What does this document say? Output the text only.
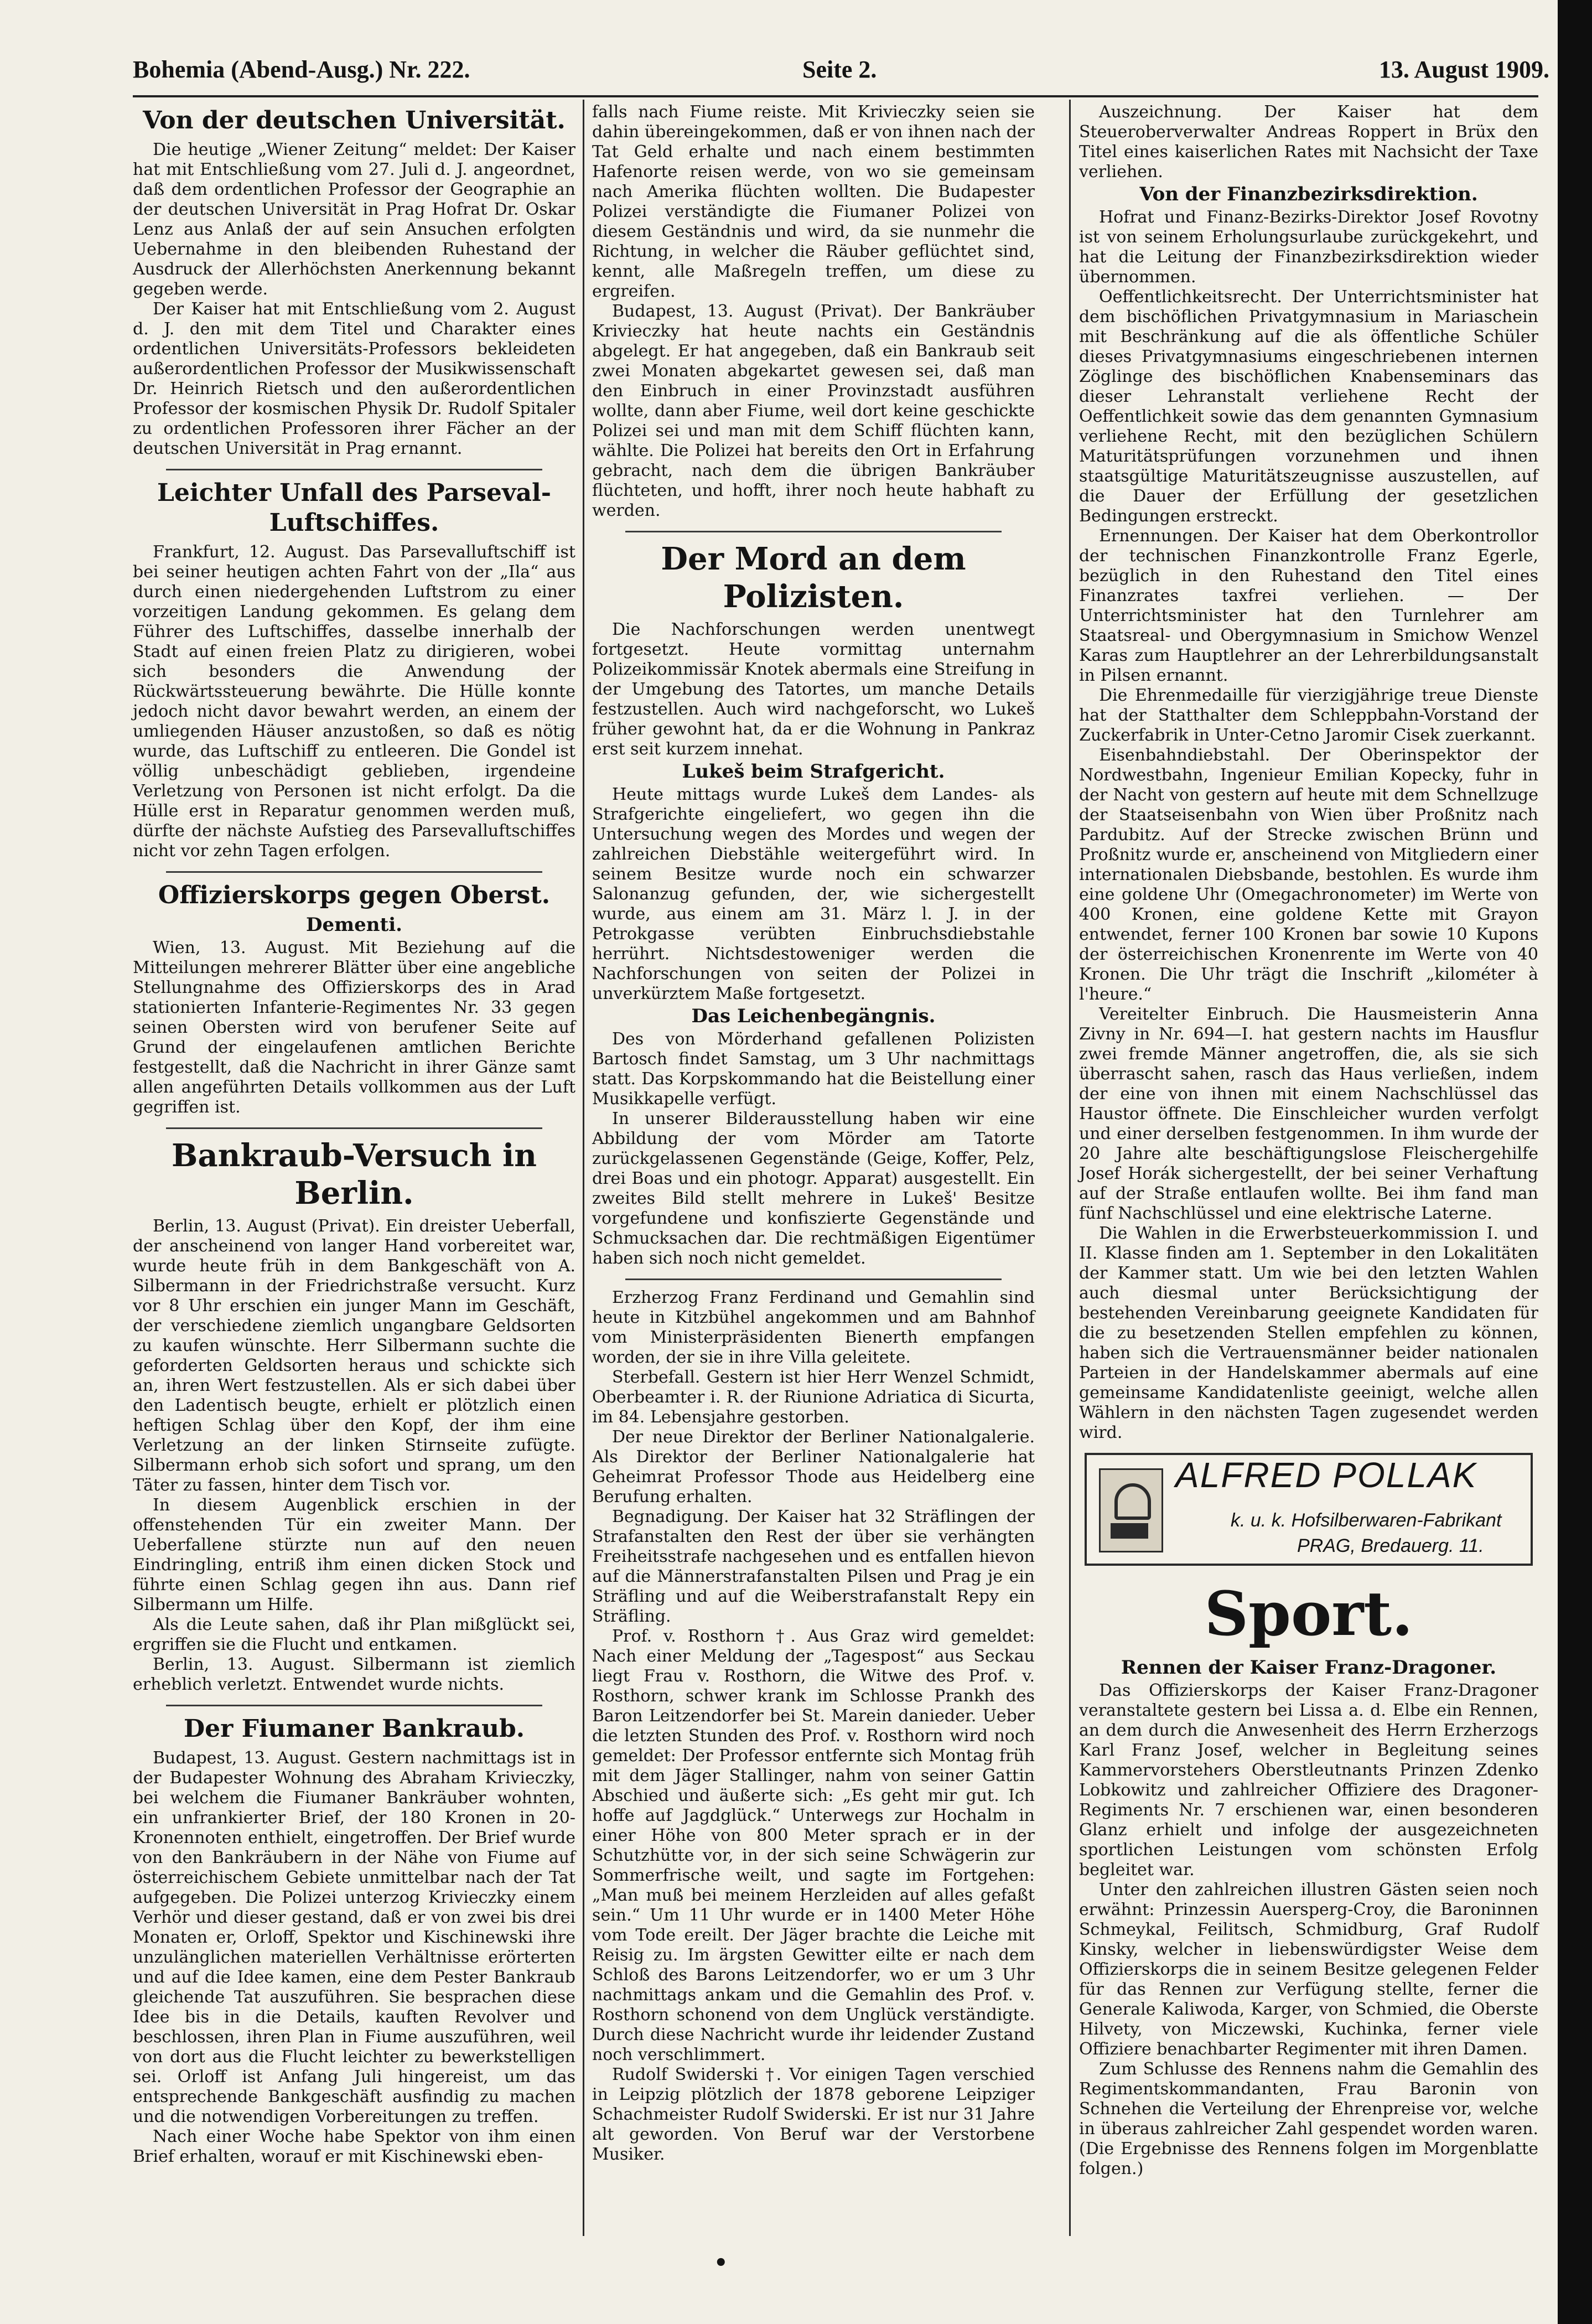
Bohemia (Abend-Ausg.) Nr. 222.	Seite 2.	13. August 1909.
Von der deutschen Universität.

Die heutige „Wiener Zeitung“ meldet: Der Kaiser hat mit Entschließung vom 27. Juli d. J. angeordnet, daß dem ordentlichen Professor der Geographie an der deutschen Universität in Prag Hofrat Dr. Oskar Lenz aus Anlaß der auf sein Ansuchen erfolgten Uebernahme in den bleibenden Ruhestand der Ausdruck der Allerhöchsten Anerkennung bekannt gegeben werde.

Der Kaiser hat mit Entschließung vom 2. August d. J. den mit dem Titel und Charakter eines ordentlichen Universitäts-Professors bekleideten außerordentlichen Professor der Musikwissenschaft Dr. Heinrich Rietsch und den außerordentlichen Professor der kosmischen Physik Dr. Rudolf Spitaler zu ordentlichen Professoren ihrer Fächer an der deutschen Universität in Prag ernannt.

Leichter Unfall des Parseval-Luftschiffes.

Frankfurt, 12. August. Das Parsevalluftschiff ist bei seiner heutigen achten Fahrt von der „Ila“ aus durch einen niedergehenden Luftstrom zu einer vorzeitigen Landung gekommen. Es gelang dem Führer des Luftschiffes, dasselbe innerhalb der Stadt auf einen freien Platz zu dirigieren, wobei sich besonders die Anwendung der Rückwärtssteuerung bewährte. Die Hülle konnte jedoch nicht davor bewahrt werden, an einem der umliegenden Häuser anzustoßen, so daß es nötig wurde, das Luftschiff zu entleeren. Die Gondel ist völlig unbeschädigt geblieben, irgendeine Verletzung von Personen ist nicht erfolgt. Da die Hülle erst in Reparatur genommen werden muß, dürfte der nächste Aufstieg des Parsevalluftschiffes nicht vor zehn Tagen erfolgen.

Offizierskorps gegen Oberst.
Dementi.

Wien, 13. August. Mit Beziehung auf die Mitteilungen mehrerer Blätter über eine angebliche Stellungnahme des Offizierskorps des in Arad stationierten Infanterie-Regimentes Nr. 33 gegen seinen Obersten wird von berufener Seite auf Grund der eingelaufenen amtlichen Berichte festgestellt, daß die Nachricht in ihrer Gänze samt allen angeführten Details vollkommen aus der Luft gegriffen ist.

Bankraub-Versuch in Berlin.

Berlin, 13. August (Privat). Ein dreister Ueberfall, der anscheinend von langer Hand vorbereitet war, wurde heute früh in dem Bankgeschäft von A. Silbermann in der Friedrichstraße versucht. Kurz vor 8 Uhr erschien ein junger Mann im Geschäft, der verschiedene ziemlich ungangbare Geldsorten zu kaufen wünschte. Herr Silbermann suchte die geforderten Geldsorten heraus und schickte sich an, ihren Wert festzustellen. Als er sich dabei über den Ladentisch beugte, erhielt er plötzlich einen heftigen Schlag über den Kopf, der ihm eine Verletzung an der linken Stirnseite zufügte. Silbermann erhob sich sofort und sprang, um den Täter zu fassen, hinter dem Tisch vor.

In diesem Augenblick erschien in der offenstehenden Tür ein zweiter Mann. Der Ueberfallene stürzte nun auf den neuen Eindringling, entriß ihm einen dicken Stock und führte einen Schlag gegen ihn aus. Dann rief Silbermann um Hilfe.

Als die Leute sahen, daß ihr Plan mißglückt sei, ergriffen sie die Flucht und entkamen.

Berlin, 13. August. Silbermann ist ziemlich erheblich verletzt. Entwendet wurde nichts.

Der Fiumaner Bankraub.

Budapest, 13. August. Gestern nachmittags ist in der Budapester Wohnung des Abraham Krivieczky, bei welchem die Fiumaner Bankräuber wohnten, ein unfrankierter Brief, der 180 Kronen in 20-Kronennoten enthielt, eingetroffen. Der Brief wurde von den Bankräubern in der Nähe von Fiume auf österreichischem Gebiete unmittelbar nach der Tat aufgegeben. Die Polizei unterzog Krivieczky einem Verhör und dieser gestand, daß er von zwei bis drei Monaten er, Orloff, Spektor und Kischinewski ihre unzulänglichen materiellen Verhältnisse erörterten und auf die Idee kamen, eine dem Pester Bankraub gleichende Tat auszuführen. Sie besprachen diese Idee bis in die Details, kauften Revolver und beschlossen, ihren Plan in Fiume auszuführen, weil von dort aus die Flucht leichter zu bewerkstelligen sei. Orloff ist Anfang Juli hingereist, um das entsprechende Bankgeschäft ausfindig zu machen und die notwendigen Vorbereitungen zu treffen.

Nach einer Woche habe Spektor von ihm einen Brief erhalten, worauf er mit Kischinewski eben-

falls nach Fiume reiste. Mit Krivieczky seien sie dahin übereingekommen, daß er von ihnen nach der Tat Geld erhalte und nach einem bestimmten Hafenorte reisen werde, von wo sie gemeinsam nach Amerika flüchten wollten. Die Budapester Polizei verständigte die Fiumaner Polizei von diesem Geständnis und wird, da sie nunmehr die Richtung, in welcher die Räuber geflüchtet sind, kennt, alle Maßregeln treffen, um diese zu ergreifen.

Budapest, 13. August (Privat). Der Bankräuber Krivieczky hat heute nachts ein Geständnis abgelegt. Er hat angegeben, daß ein Bankraub seit zwei Monaten abgekartet gewesen sei, daß man den Einbruch in einer Provinzstadt ausführen wollte, dann aber Fiume, weil dort keine geschickte Polizei sei und man mit dem Schiff flüchten kann, wählte. Die Polizei hat bereits den Ort in Erfahrung gebracht, nach dem die übrigen Bankräuber flüchteten, und hofft, ihrer noch heute habhaft zu werden.

Der Mord an dem Polizisten.

Die Nachforschungen werden unentwegt fortgesetzt. Heute vormittag unternahm Polizeikommissär Knotek abermals eine Streifung in der Umgebung des Tatortes, um manche Details festzustellen. Auch wird nachgeforscht, wo Lukeš früher gewohnt hat, da er die Wohnung in Pankraz erst seit kurzem innehat.

Lukeš beim Strafgericht.

Heute mittags wurde Lukeš dem Landes- als Strafgerichte eingeliefert, wo gegen ihn die Untersuchung wegen des Mordes und wegen der zahlreichen Diebstähle weitergeführt wird. In seinem Besitze wurde noch ein schwarzer Salonanzug gefunden, der, wie sichergestellt wurde, aus einem am 31. März l. J. in der Petrokgasse verübten Einbruchsdiebstahle herrührt. Nichtsdestoweniger werden die Nachforschungen von seiten der Polizei in unverkürztem Maße fortgesetzt.

Das Leichenbegängnis.

Des von Mörderhand gefallenen Polizisten Bartosch findet Samstag, um 3 Uhr nachmittags statt. Das Korpskommando hat die Beistellung einer Musikkapelle verfügt.

In unserer Bilderausstellung haben wir eine Abbildung der vom Mörder am Tatorte zurückgelassenen Gegenstände (Geige, Koffer, Pelz, drei Boas und ein photogr. Apparat) ausgestellt. Ein zweites Bild stellt mehrere in Lukeš' Besitze vorgefundene und konfiszierte Gegenstände und Schmucksachen dar. Die rechtmäßigen Eigentümer haben sich noch nicht gemeldet.

Erzherzog Franz Ferdinand und Gemahlin sind heute in Kitzbühel angekommen und am Bahnhof vom Ministerpräsidenten Bienerth empfangen worden, der sie in ihre Villa geleitete.

Sterbefall. Gestern ist hier Herr Wenzel Schmidt, Oberbeamter i. R. der Riunione Adriatica di Sicurta, im 84. Lebensjahre gestorben.

Der neue Direktor der Berliner Nationalgalerie. Als Direktor der Berliner Nationalgalerie hat Geheimrat Professor Thode aus Heidelberg eine Berufung erhalten.

Begnadigung. Der Kaiser hat 32 Sträflingen der Strafanstalten den Rest der über sie verhängten Freiheitsstrafe nachgesehen und es entfallen hievon auf die Männerstrafanstalten Pilsen und Prag je ein Sträfling und auf die Weiberstrafanstalt Repy ein Sträfling.

Prof. v. Rosthorn †. Aus Graz wird gemeldet: Nach einer Meldung der „Tagespost“ aus Seckau liegt Frau v. Rosthorn, die Witwe des Prof. v. Rosthorn, schwer krank im Schlosse Prankh des Baron Leitzendorfer bei St. Marein danieder. Ueber die letzten Stunden des Prof. v. Rosthorn wird noch gemeldet: Der Professor entfernte sich Montag früh mit dem Jäger Stallinger, nahm von seiner Gattin Abschied und äußerte sich: „Es geht mir gut. Ich hoffe auf Jagdglück.“ Unterwegs zur Hochalm in einer Höhe von 800 Meter sprach er in der Schutzhütte vor, in der sich seine Schwägerin zur Sommerfrische weilt, und sagte im Fortgehen: „Man muß bei meinem Herzleiden auf alles gefaßt sein.“ Um 11 Uhr wurde er in 1400 Meter Höhe vom Tode ereilt. Der Jäger brachte die Leiche mit Reisig zu. Im ärgsten Gewitter eilte er nach dem Schloß des Barons Leitzendorfer, wo er um 3 Uhr nachmittags ankam und die Gemahlin des Prof. v. Rosthorn schonend von dem Unglück verständigte. Durch diese Nachricht wurde ihr leidender Zustand noch verschlimmert.

Rudolf Swiderski †. Vor einigen Tagen verschied in Leipzig plötzlich der 1878 geborene Leipziger Schachmeister Rudolf Swiderski. Er ist nur 31 Jahre alt geworden. Von Beruf war der Verstorbene Musiker.

Auszeichnung. Der Kaiser hat dem Steueroberverwalter Andreas Roppert in Brüx den Titel eines kaiserlichen Rates mit Nachsicht der Taxe verliehen.

Von der Finanzbezirksdirektion.

Hofrat und Finanz-Bezirks-Direktor Josef Rovotny ist von seinem Erholungsurlaube zurückgekehrt, und hat die Leitung der Finanzbezirksdirektion wieder übernommen.

Oeffentlichkeitsrecht. Der Unterrichtsminister hat dem bischöflichen Privatgymnasium in Mariaschein mit Beschränkung auf die als öffentliche Schüler dieses Privatgymnasiums eingeschriebenen internen Zöglinge des bischöflichen Knabenseminars das dieser Lehranstalt verliehene Recht der Oeffentlichkeit sowie das dem genannten Gymnasium verliehene Recht, mit den bezüglichen Schülern Maturitätsprüfungen vorzunehmen und ihnen staatsgültige Maturitätszeugnisse auszustellen, auf die Dauer der Erfüllung der gesetzlichen Bedingungen erstreckt.

Ernennungen. Der Kaiser hat dem Oberkontrollor der technischen Finanzkontrolle Franz Egerle, bezüglich in den Ruhestand den Titel eines Finanzrates taxfrei verliehen. — Der Unterrichtsminister hat den Turnlehrer am Staatsreal- und Obergymnasium in Smichow Wenzel Karas zum Hauptlehrer an der Lehrerbildungsanstalt in Pilsen ernannt.

Die Ehrenmedaille für vierzigjährige treue Dienste hat der Statthalter dem Schleppbahn-Vorstand der Zuckerfabrik in Unter-Cetno Jaromir Cisek zuerkannt.

Eisenbahndiebstahl. Der Oberinspektor der Nordwestbahn, Ingenieur Emilian Kopecky, fuhr in der Nacht von gestern auf heute mit dem Schnellzuge der Staatseisenbahn von Wien über Proßnitz nach Pardubitz. Auf der Strecke zwischen Brünn und Proßnitz wurde er, anscheinend von Mitgliedern einer internationalen Diebsbande, bestohlen. Es wurde ihm eine goldene Uhr (Omegachronometer) im Werte von 400 Kronen, eine goldene Kette mit Grayon entwendet, ferner 100 Kronen bar sowie 10 Kupons der österreichischen Kronenrente im Werte von 40 Kronen. Die Uhr trägt die Inschrift „kilométer à l'heure.“

Vereitelter Einbruch. Die Hausmeisterin Anna Zivny in Nr. 694—I. hat gestern nachts im Hausflur zwei fremde Männer angetroffen, die, als sie sich überrascht sahen, rasch das Haus verließen, indem der eine von ihnen mit einem Nachschlüssel das Haustor öffnete. Die Einschleicher wurden verfolgt und einer derselben festgenommen. In ihm wurde der 20 Jahre alte beschäftigungslose Fleischergehilfe Josef Horák sichergestellt, der bei seiner Verhaftung auf der Straße entlaufen wollte. Bei ihm fand man fünf Nachschlüssel und eine elektrische Laterne.

Die Wahlen in die Erwerbsteuerkommission I. und II. Klasse finden am 1. September in den Lokalitäten der Kammer statt. Um wie bei den letzten Wahlen auch diesmal unter Berücksichtigung der bestehenden Vereinbarung geeignete Kandidaten für die zu besetzenden Stellen empfehlen zu können, haben sich die Vertrauensmänner beider nationalen Parteien in der Handelskammer abermals auf eine gemeinsame Kandidatenliste geeinigt, welche allen Wählern in den nächsten Tagen zugesendet werden wird.

ALFRED POLLAK
k. u. k. Hofsilberwaren-Fabrikant
PRAG, Bredauerg. 11.
Sport.
Rennen der Kaiser Franz-Dragoner.

Das Offizierskorps der Kaiser Franz-Dragoner veranstaltete gestern bei Lissa a. d. Elbe ein Rennen, an dem durch die Anwesenheit des Herrn Erzherzogs Karl Franz Josef, welcher in Begleitung seines Kammervorstehers Oberstleutnants Prinzen Zdenko Lobkowitz und zahlreicher Offiziere des Dragoner-Regiments Nr. 7 erschienen war, einen besonderen Glanz erhielt und infolge der ausgezeichneten sportlichen Leistungen vom schönsten Erfolg begleitet war.

Unter den zahlreichen illustren Gästen seien noch erwähnt: Prinzessin Auersperg-Croy, die Baroninnen Schmeykal, Feilitsch, Schmidburg, Graf Rudolf Kinsky, welcher in liebenswürdigster Weise dem Offizierskorps die in seinem Besitze gelegenen Felder für das Rennen zur Verfügung stellte, ferner die Generale Kaliwoda, Karger, von Schmied, die Oberste Hilvety, von Miczewski, Kuchinka, ferner viele Offiziere benachbarter Regimenter mit ihren Damen.

Zum Schlusse des Rennens nahm die Gemahlin des Regimentskommandanten, Frau Baronin von Schnehen die Verteilung der Ehrenpreise vor, welche in überaus zahlreicher Zahl gespendet worden waren. (Die Ergebnisse des Rennens folgen im Morgenblatte folgen.)

•
